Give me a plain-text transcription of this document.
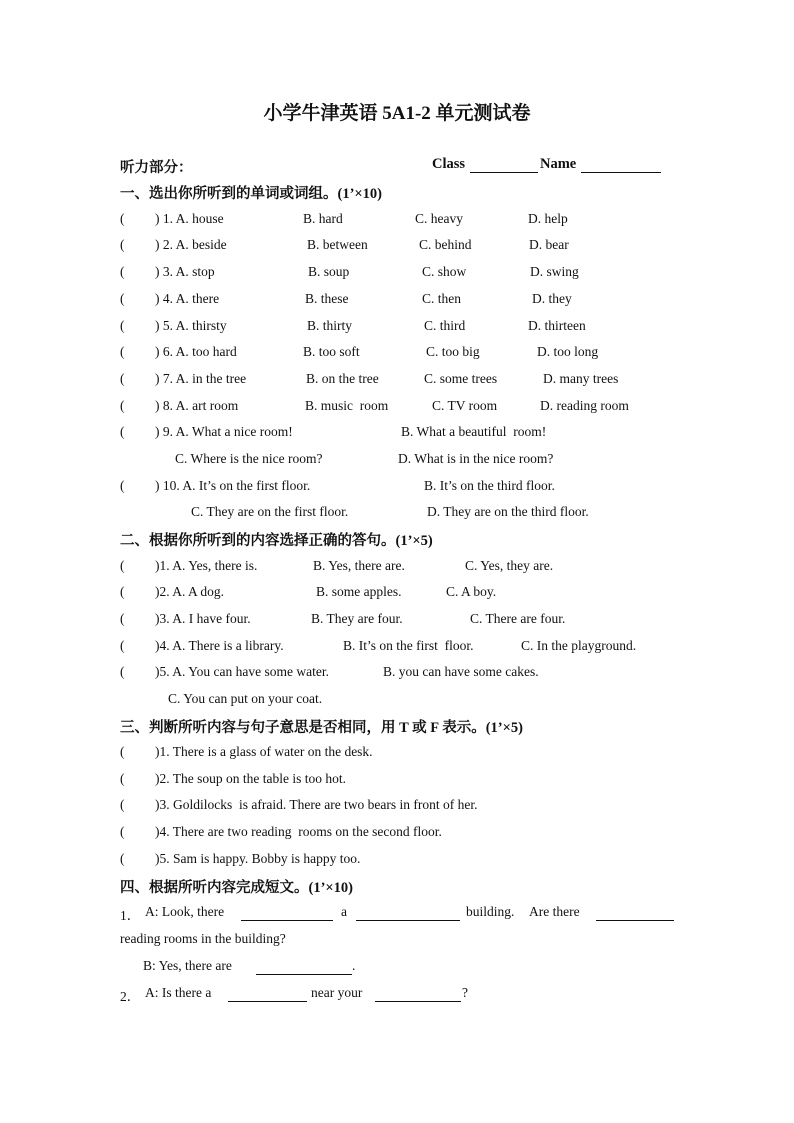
小学牛津英语 5A1-2 单元测试卷
听力部分：	Class	Name
一、选出你所听到的单词或词组。(1’×10)
( ) 1. A. house	B. hard	C. heavy	D. help
( ) 2. A. beside	B. between	C. behind	D. bear
( ) 3. A. stop	B. soup	C. show	D. swing
( ) 4. A. there	B. these	C. then	D. they
( ) 5. A. thirsty	B. thirty	C. third	D. thirteen
( ) 6. A. too hard	B. too soft	C. too big	D. too long
( ) 7. A. in the tree	B. on the tree	C. some trees	D. many trees
( ) 8. A. art room	B. music  room	C. TV room	D. reading room
( ) 9. A. What a nice room!	B. What a beautiful  room!
C. Where is the nice room?	D. What is in the nice room?
( ) 10. A. It’s on the first floor.	B. It’s on the third floor.
C. They are on the first floor.	D. They are on the third floor.
二、根据你所听到的内容选择正确的答句。(1’×5)
( )1. A. Yes, there is.	B. Yes, there are.	C. Yes, they are.
( )2. A. A dog.	B. some apples.	C. A boy.
( )3. A. I have four.	B. They are four.	C. There are four.
( )4. A. There is a library.	B. It’s on the first  floor.	C. In the playground.
( )5. A. You can have some water.	B. you can have some cakes.
C. You can put on your coat.
三、判断所听内容与句子意思是否相同，用 T 或 F 表示。(1’×5)
( )1. There is a glass of water on the desk.
( )2. The soup on the table is too hot.
( )3. Goldilocks  is afraid. There are two bears in front of her.
( )4. There are two reading  rooms on the second floor.
( )5. Sam is happy. Bobby is happy too.
四、根据所听内容完成短文。(1’×10)
1． A: Look, there	a	building. Are there
reading rooms in the building?
B: Yes, there are	.
2． A: Is there a	near your	?
